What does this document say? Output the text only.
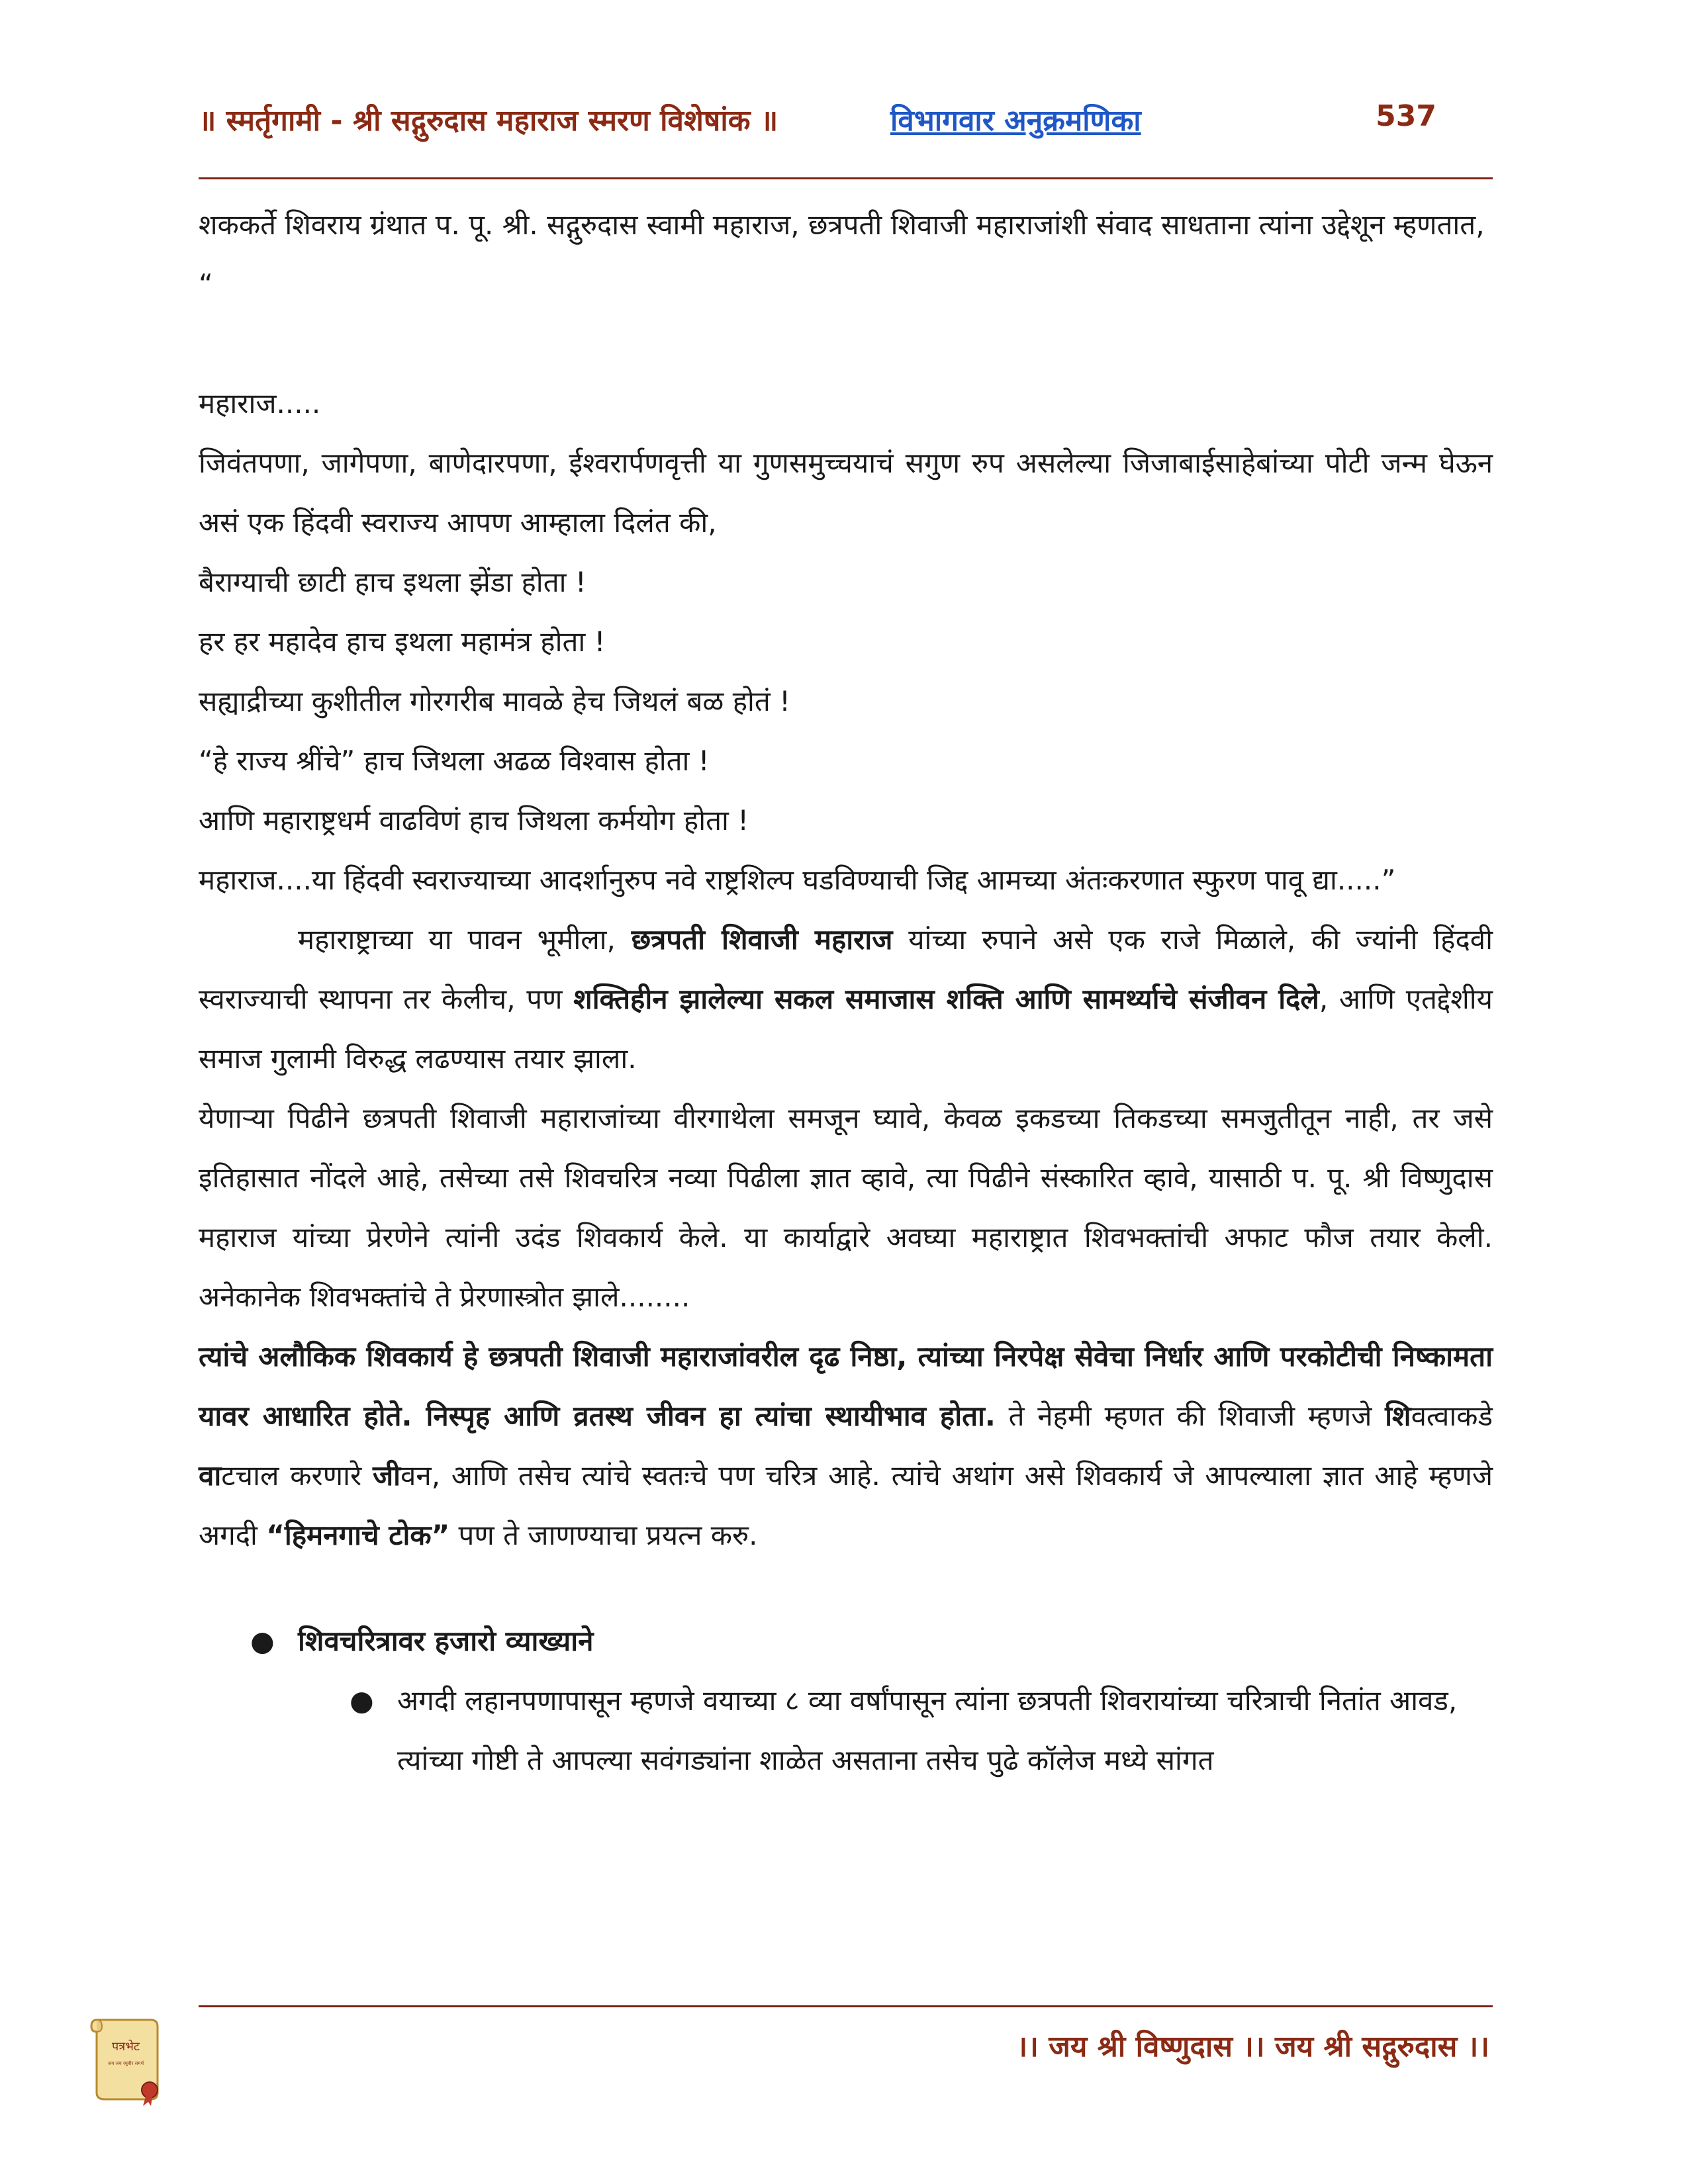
॥ स्मर्तृगामी - श्री सद्गुरुदास महाराज स्मरण विशेषांक ॥	विभागवार अनुक्रमणिका	537

शककर्ते शिवराय ग्रंथात प. पू. श्री. सद्गुरुदास स्वामी महाराज, छत्रपती शिवाजी महाराजांशी संवाद साधताना त्यांना उद्देशून म्हणतात,

“

महाराज.....

जिवंतपणा, जागेपणा, बाणेदारपणा, ईश्वरार्पणवृत्ती या गुणसमुच्चयाचं सगुण रुप असलेल्या जिजाबाईसाहेबांच्या पोटी जन्म घेऊन असं एक हिंदवी स्वराज्य आपण आम्हाला दिलंत की,

बैराग्याची छाटी हाच इथला झेंडा होता !

हर हर महादेव हाच इथला महामंत्र होता !

सह्याद्रीच्या कुशीतील गोरगरीब मावळे हेच जिथलं बळ होतं !

“हे राज्य श्रींचे” हाच जिथला अढळ विश्वास होता !

आणि महाराष्ट्रधर्म वाढविणं हाच जिथला कर्मयोग होता !

महाराज....या हिंदवी स्वराज्याच्या आदर्शानुरुप नवे राष्ट्रशिल्प घडविण्याची जिद्द आमच्या अंतःकरणात स्फुरण पावू द्या.....”

महाराष्ट्राच्या या पावन भूमीला, छत्रपती शिवाजी महाराज यांच्या रुपाने असे एक राजे मिळाले, की ज्यांनी हिंदवी स्वराज्याची स्थापना तर केलीच, पण शक्तिहीन झालेल्या सकल समाजास शक्ति आणि सामर्थ्याचे संजीवन दिले, आणि एतद्देशीय समाज गुलामी विरुद्ध लढण्यास तयार झाला.

येणाऱ्या पिढीने छत्रपती शिवाजी महाराजांच्या वीरगाथेला समजून घ्यावे, केवळ इकडच्या तिकडच्या समजुतीतून नाही, तर जसे इतिहासात नोंदले आहे, तसेच्या तसे शिवचरित्र नव्या पिढीला ज्ञात व्हावे, त्या पिढीने संस्कारित व्हावे, यासाठी प. पू. श्री विष्णुदास महाराज यांच्या प्रेरणेने त्यांनी उदंड शिवकार्य केले. या कार्याद्वारे अवघ्या महाराष्ट्रात शिवभक्तांची अफाट फौज तयार केली. अनेकानेक शिवभक्तांचे ते प्रेरणास्त्रोत झाले........

त्यांचे अलौकिक शिवकार्य हे छत्रपती शिवाजी महाराजांवरील दृढ निष्ठा, त्यांच्या निरपेक्ष सेवेचा निर्धार आणि परकोटीची निष्कामता यावर आधारित होते. निस्पृह आणि व्रतस्थ जीवन हा त्यांचा स्थायीभाव होता. ते नेहमी म्हणत की शिवाजी म्हणजे शिवत्वाकडे वाटचाल करणारे जीवन, आणि तसेच त्यांचे स्वतःचे पण चरित्र आहे. त्यांचे अथांग असे शिवकार्य जे आपल्याला ज्ञात आहे म्हणजे अगदी “हिमनगाचे टोक” पण ते जाणण्याचा प्रयत्न करु.

● शिवचरित्रावर हजारो व्याख्याने
● अगदी लहानपणापासून म्हणजे वयाच्या ८ व्या वर्षांपासून त्यांना छत्रपती शिवरायांच्या चरित्राची नितांत आवड, त्यांच्या गोष्टी ते आपल्या सवंगड्यांना शाळेत असताना तसेच पुढे कॉलेज मध्ये सांगत
पत्रभेट
जय जय रघुवीर समर्थ	।। जय श्री विष्णुदास ।। जय श्री सद्गुरुदास ।।
